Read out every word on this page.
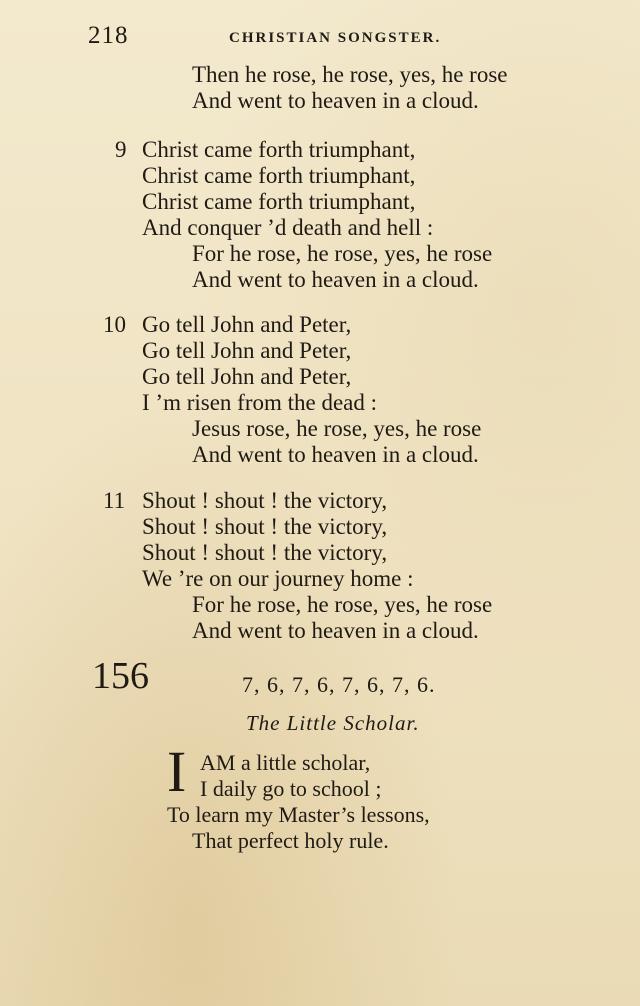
218	CHRISTIAN SONGSTER.
Then he rose, he rose, yes, he rose
And went to heaven in a cloud.
9 Christ came forth triumphant,
Christ came forth triumphant,
Christ came forth triumphant,
And conquer ’d death and hell :
For he rose, he rose, yes, he rose
And went to heaven in a cloud.
10 Go tell John and Peter,
Go tell John and Peter,
Go tell John and Peter,
I ’m risen from the dead :
Jesus rose, he rose, yes, he rose
And went to heaven in a cloud.
11 Shout ! shout ! the victory,
Shout ! shout ! the victory,
Shout ! shout ! the victory,
We ’re on our journey home :
For he rose, he rose, yes, he rose
And went to heaven in a cloud.
156	7, 6, 7, 6, 7, 6, 7, 6.
The Little Scholar.
I AM a little scholar,
I daily go to school ;
To learn my Master’s lessons,
That perfect holy rule.
